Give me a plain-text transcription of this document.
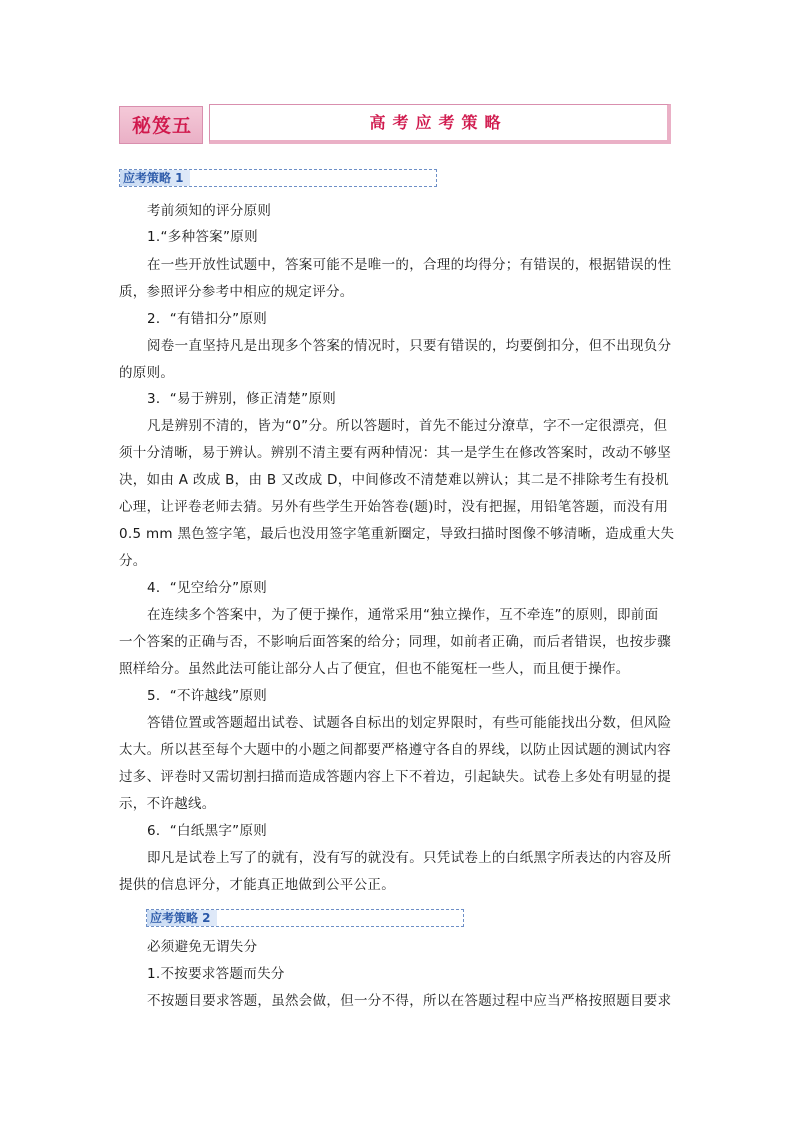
秘笈五	高考应考策略
应考策略 1
考前须知的评分原则
1.“多种答案”原则
在一些开放性试题中，答案可能不是唯一的，合理的均得分；有错误的，根据错误的性
质，参照评分参考中相应的规定评分。
2．“有错扣分”原则
阅卷一直坚持凡是出现多个答案的情况时，只要有错误的，均要倒扣分，但不出现负分
的原则。
3．“易于辨别，修正清楚”原则
凡是辨别不清的，皆为“0”分。所以答题时，首先不能过分潦草，字不一定很漂亮，但
须十分清晰，易于辨认。辨别不清主要有两种情况：其一是学生在修改答案时，改动不够坚
决，如由 A 改成 B，由 B 又改成 D，中间修改不清楚难以辨认；其二是不排除考生有投机
心理，让评卷老师去猜。另外有些学生开始答卷(题)时，没有把握，用铅笔答题，而没有用
0.5 mm 黑色签字笔，最后也没用签字笔重新圈定，导致扫描时图像不够清晰，造成重大失
分。
4．“见空给分”原则
在连续多个答案中，为了便于操作，通常采用“独立操作，互不牵连”的原则，即前面
一个答案的正确与否，不影响后面答案的给分；同理，如前者正确，而后者错误，也按步骤
照样给分。虽然此法可能让部分人占了便宜，但也不能冤枉一些人，而且便于操作。
5．“不许越线”原则
答错位置或答题超出试卷、试题各自标出的划定界限时，有些可能能找出分数，但风险
太大。所以甚至每个大题中的小题之间都要严格遵守各自的界线，以防止因试题的测试内容
过多、评卷时又需切割扫描而造成答题内容上下不着边，引起缺失。试卷上多处有明显的提
示，不许越线。
6．“白纸黑字”原则
即凡是试卷上写了的就有，没有写的就没有。只凭试卷上的白纸黑字所表达的内容及所
提供的信息评分，才能真正地做到公平公正。
应考策略 2
必须避免无谓失分
1.不按要求答题而失分
不按题目要求答题，虽然会做，但一分不得，所以在答题过程中应当严格按照题目要求
